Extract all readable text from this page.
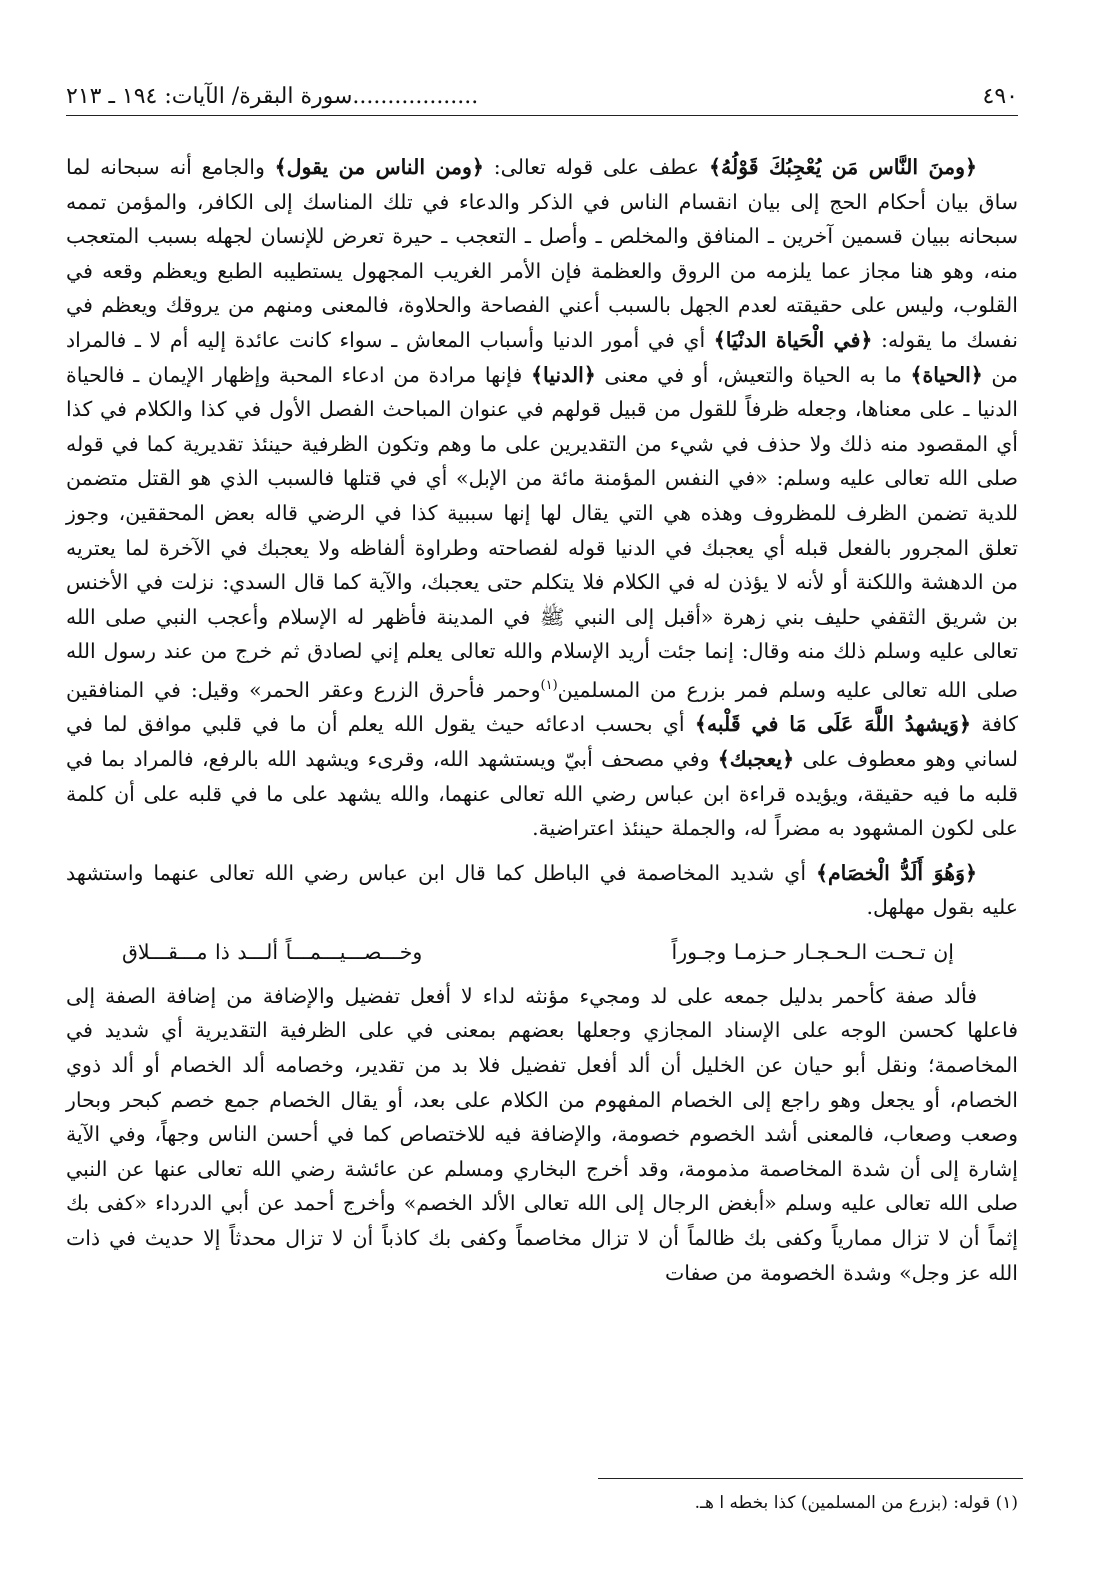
٤٩٠
..................سورة البقرة/ الآيات: ١٩٤ ـ ٢١٣

﴿ومنَ النَّاس مَن يُعْجِبُكَ قَوْلُهُ﴾ عطف على قوله تعالى: ﴿ومن الناس من يقول﴾ والجامع أنه سبحانه لما ساق بيان أحكام الحج إلى بيان انقسام الناس في الذكر والدعاء في تلك المناسك إلى الكافر، والمؤمن تممه سبحانه ببيان قسمين آخرين ـ المنافق والمخلص ـ وأصل ـ التعجب ـ حيرة تعرض للإنسان لجهله بسبب المتعجب منه، وهو هنا مجاز عما يلزمه من الروق والعظمة فإن الأمر الغريب المجهول يستطيبه الطبع ويعظم وقعه في القلوب، وليس على حقيقته لعدم الجهل بالسبب أعني الفصاحة والحلاوة، فالمعنى ومنهم من يروقك ويعظم في نفسك ما يقوله: ﴿في الْحَياة الدنْيَا﴾ أي في أمور الدنيا وأسباب المعاش ـ سواء كانت عائدة إليه أم لا ـ فالمراد من ﴿الحياة﴾ ما به الحياة والتعيش، أو في معنى ﴿الدنيا﴾ فإنها مرادة من ادعاء المحبة وإظهار الإيمان ـ فالحياة الدنيا ـ على معناها، وجعله ظرفاً للقول من قبيل قولهم في عنوان المباحث الفصل الأول في كذا والكلام في كذا أي المقصود منه ذلك ولا حذف في شيء من التقديرين على ما وهم وتكون الظرفية حينئذ تقديرية كما في قوله صلى الله تعالى عليه وسلم: «في النفس المؤمنة مائة من الإبل» أي في قتلها فالسبب الذي هو القتل متضمن للدية تضمن الظرف للمظروف وهذه هي التي يقال لها إنها سببية كذا في الرضي قاله بعض المحققين، وجوز تعلق المجرور بالفعل قبله أي يعجبك في الدنيا قوله لفصاحته وطراوة ألفاظه ولا يعجبك في الآخرة لما يعتريه من الدهشة واللكنة أو لأنه لا يؤذن له في الكلام فلا يتكلم حتى يعجبك، والآية كما قال السدي: نزلت في الأخنس بن شريق الثقفي حليف بني زهرة «أقبل إلى النبي ﷺ في المدينة فأظهر له الإسلام وأعجب النبي صلى الله تعالى عليه وسلم ذلك منه وقال: إنما جئت أريد الإسلام والله تعالى يعلم إني لصادق ثم خرج من عند رسول الله صلى الله تعالى عليه وسلم فمر بزرع من المسلمين$^{(١)}$وحمر فأحرق الزرع وعقر الحمر» وقيل: في المنافقين كافة ﴿وَيشهدُ اللَّهَ عَلَى مَا في قَلْبه﴾ أي بحسب ادعائه حيث يقول الله يعلم أن ما في قلبي موافق لما في لساني وهو معطوف على ﴿يعجبك﴾ وفي مصحف أبيّ ويستشهد الله، وقرىء ويشهد الله بالرفع، فالمراد بما في قلبه ما فيه حقيقة، ويؤيده قراءة ابن عباس رضي الله تعالى عنهما، والله يشهد على ما في قلبه على أن كلمة على لكون المشهود به مضراً له، والجملة حينئذ اعتراضية.

﴿وَهُوَ أَلَدُّ الْخصَام﴾ أي شديد المخاصمة في الباطل كما قال ابن عباس رضي الله تعالى عنهما واستشهد عليه بقول مهلهل.

إن تـحـت الـحـجـار حـزمـا وجـوراً
وخـــصـــيـــمـــاً ألـــد ذا مـــقـــلاق

فألد صفة كأحمر بدليل جمعه على لد ومجيء مؤنثه لداء لا أفعل تفضيل والإضافة من إضافة الصفة إلى فاعلها كحسن الوجه على الإسناد المجازي وجعلها بعضهم بمعنى في على الظرفية التقديرية أي شديد في المخاصمة؛ ونقل أبو حيان عن الخليل أن ألد أفعل تفضيل فلا بد من تقدير، وخصامه ألد الخصام أو ألد ذوي الخصام، أو يجعل وهو راجع إلى الخصام المفهوم من الكلام على بعد، أو يقال الخصام جمع خصم كبحر وبحار وصعب وصعاب، فالمعنى أشد الخصوم خصومة، والإضافة فيه للاختصاص كما في أحسن الناس وجهاً، وفي الآية إشارة إلى أن شدة المخاصمة مذمومة، وقد أخرج البخاري ومسلم عن عائشة رضي الله تعالى عنها عن النبي صلى الله تعالى عليه وسلم «أبغض الرجال إلى الله تعالى الألد الخصم» وأخرج أحمد عن أبي الدرداء «كفى بك إثماً أن لا تزال ممارياً وكفى بك ظالماً أن لا تزال مخاصماً وكفى بك كاذباً أن لا تزال محدثاً إلا حديث في ذات الله عز وجل» وشدة الخصومة من صفات

(١) قوله: (بزرع من المسلمين) كذا بخطه ا هـ.
